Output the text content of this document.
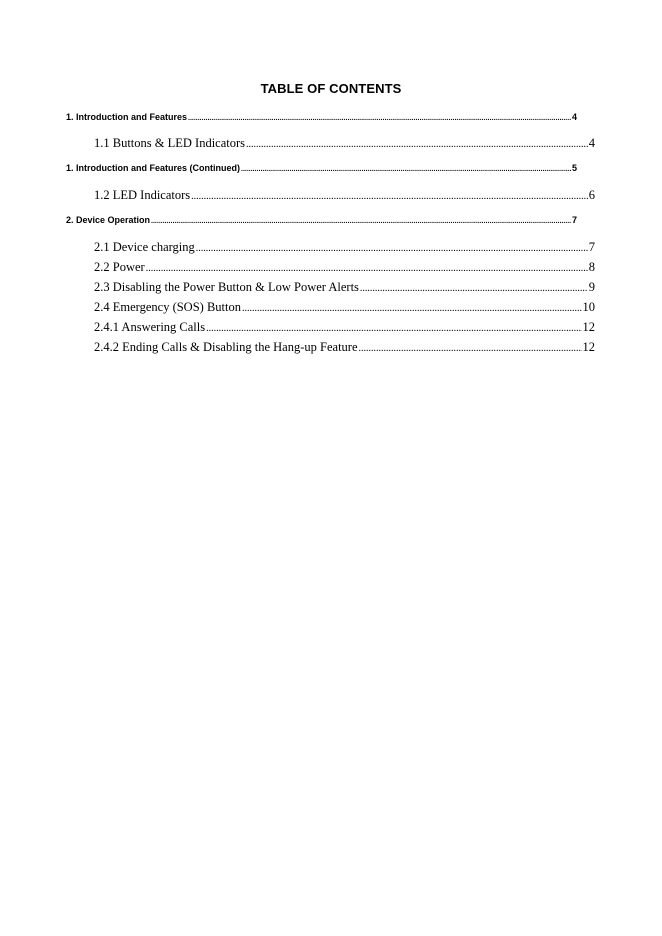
TABLE OF CONTENTS
1. Introduction and Features .....	4
1.1 Buttons & LED Indicators .....	4
1. Introduction and Features (Continued) .....	5
1.2 LED Indicators .....	6
2. Device Operation .....	7
2.1 Device charging .....	7
2.2 Power .....	8
2.3 Disabling the Power Button & Low Power Alerts .....	9
2.4 Emergency (SOS) Button .....	10
2.4.1 Answering Calls .....	12
2.4.2 Ending Calls & Disabling the Hang-up Feature .....	12
